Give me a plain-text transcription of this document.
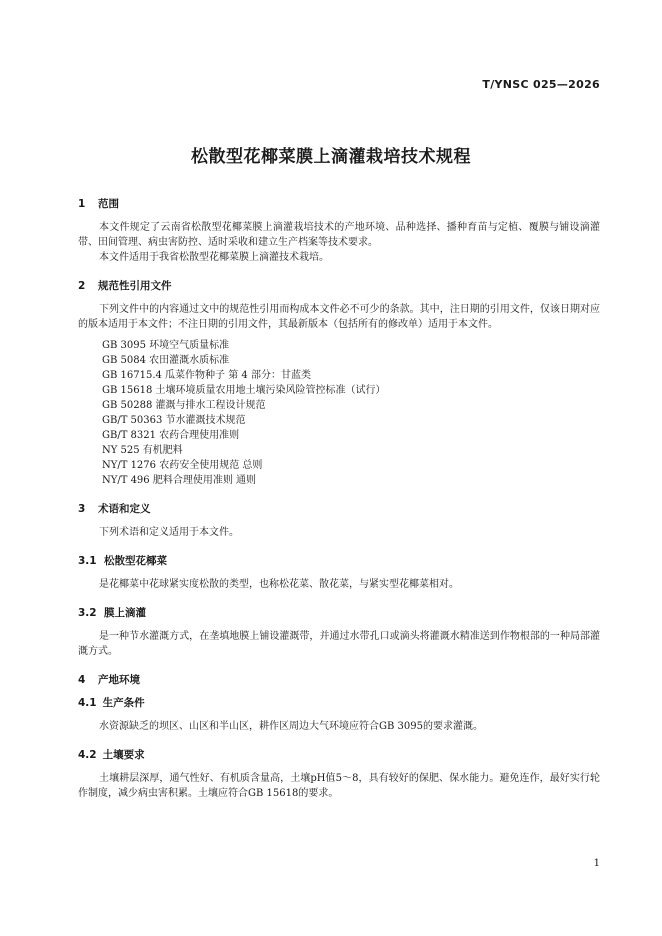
T/YNSC 025—2026
松散型花椰菜膜上滴灌栽培技术规程
1	范围

本文件规定了云南省松散型花椰菜膜上滴灌栽培技术的产地环境、品种选择、播种育苗与定植、覆膜与铺设滴灌带、田间管理、病虫害防控、适时采收和建立生产档案等技术要求。

本文件适用于我省松散型花椰菜膜上滴灌技术栽培。

2	规范性引用文件

下列文件中的内容通过文中的规范性引用而构成本文件必不可少的条款。其中，注日期的引用文件，仅该日期对应的版本适用于本文件；不注日期的引用文件，其最新版本（包括所有的修改单）适用于本文件。

GB 3095 环境空气质量标准
GB 5084 农田灌溉水质标准
GB 16715.4 瓜菜作物种子 第 4 部分：甘蓝类
GB 15618 土壤环境质量农用地土壤污染风险管控标准（试行）
GB 50288 灌溉与排水工程设计规范
GB/T 50363 节水灌溉技术规范
GB/T 8321 农药合理使用准则
NY 525 有机肥料
NY/T 1276 农药安全使用规范 总则
NY/T 496 肥料合理使用准则 通则
3	术语和定义

下列术语和定义适用于本文件。

3.1 松散型花椰菜

是花椰菜中花球紧实度松散的类型，也称松花菜、散花菜，与紧实型花椰菜相对。

3.2 膜上滴灌

是一种节水灌溉方式，在垄填地膜上铺设灌溉带，并通过水带孔口或滴头将灌溉水精准送到作物根部的一种局部灌溉方式。

4	产地环境
4.1 生产条件

水资源缺乏的坝区、山区和半山区，耕作区周边大气环境应符合GB 3095的要求灌溉。

4.2 土壤要求

土壤耕层深厚，通气性好、有机质含量高，土壤pH值5～8，具有较好的保肥、保水能力。避免连作，最好实行轮作制度，减少病虫害积累。土壤应符合GB 15618的要求。

1
